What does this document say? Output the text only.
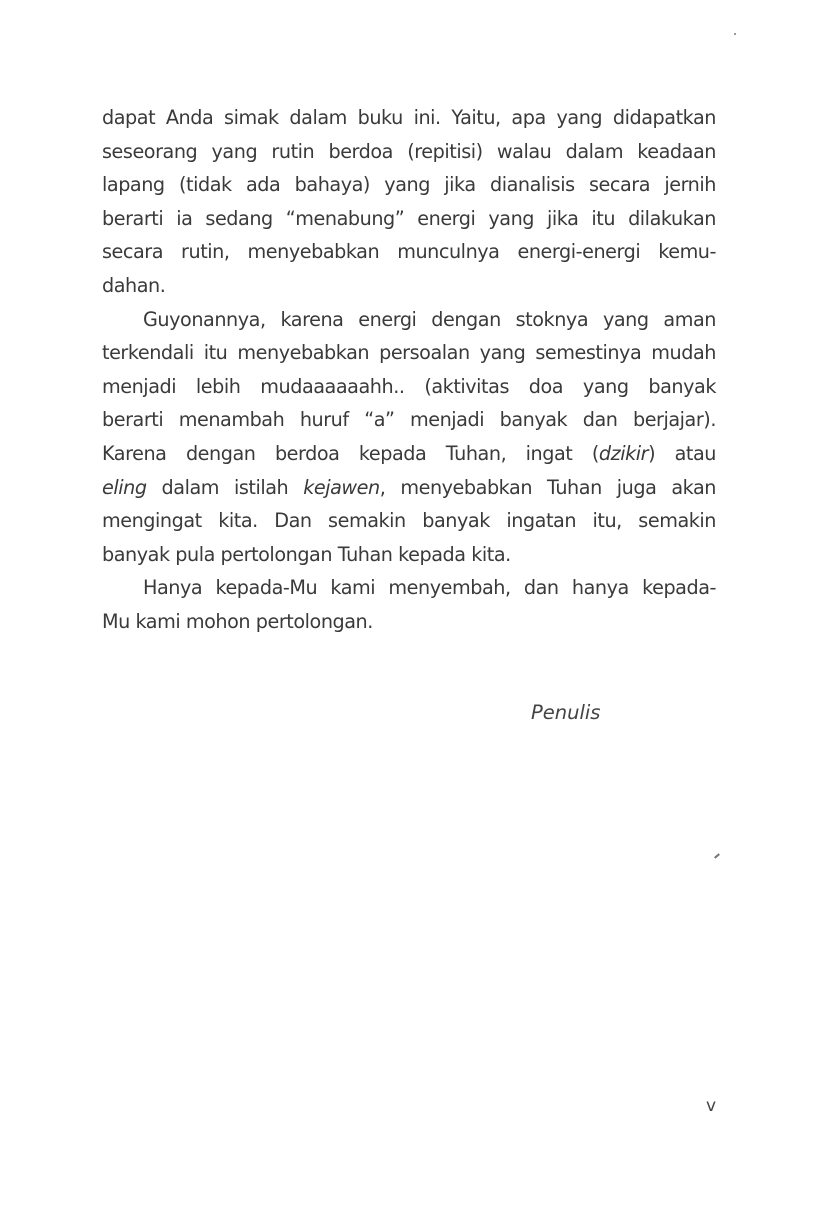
dapat Anda simak dalam buku ini. Yaitu, apa yang didapatkan
seseorang yang rutin berdoa (repitisi) walau dalam keadaan
lapang (tidak ada bahaya) yang jika dianalisis secara jernih
berarti ia sedang “menabung” energi yang jika itu dilakukan
secara rutin, menyebabkan munculnya energi-energi kemu-
dahan.

Guyonannya, karena energi dengan stoknya yang aman
terkendali itu menyebabkan persoalan yang semestinya mudah
menjadi lebih mudaaaaaahh.. (aktivitas doa yang banyak
berarti menambah huruf “a” menjadi banyak dan berjajar).
Karena dengan berdoa kepada Tuhan, ingat (dzikir) atau
eling dalam istilah kejawen, menyebabkan Tuhan juga akan
mengingat kita. Dan semakin banyak ingatan itu, semakin
banyak pula pertolongan Tuhan kepada kita.

Hanya kepada-Mu kami menyembah, dan hanya kepada-
Mu kami mohon pertolongan.

Penulis
v
